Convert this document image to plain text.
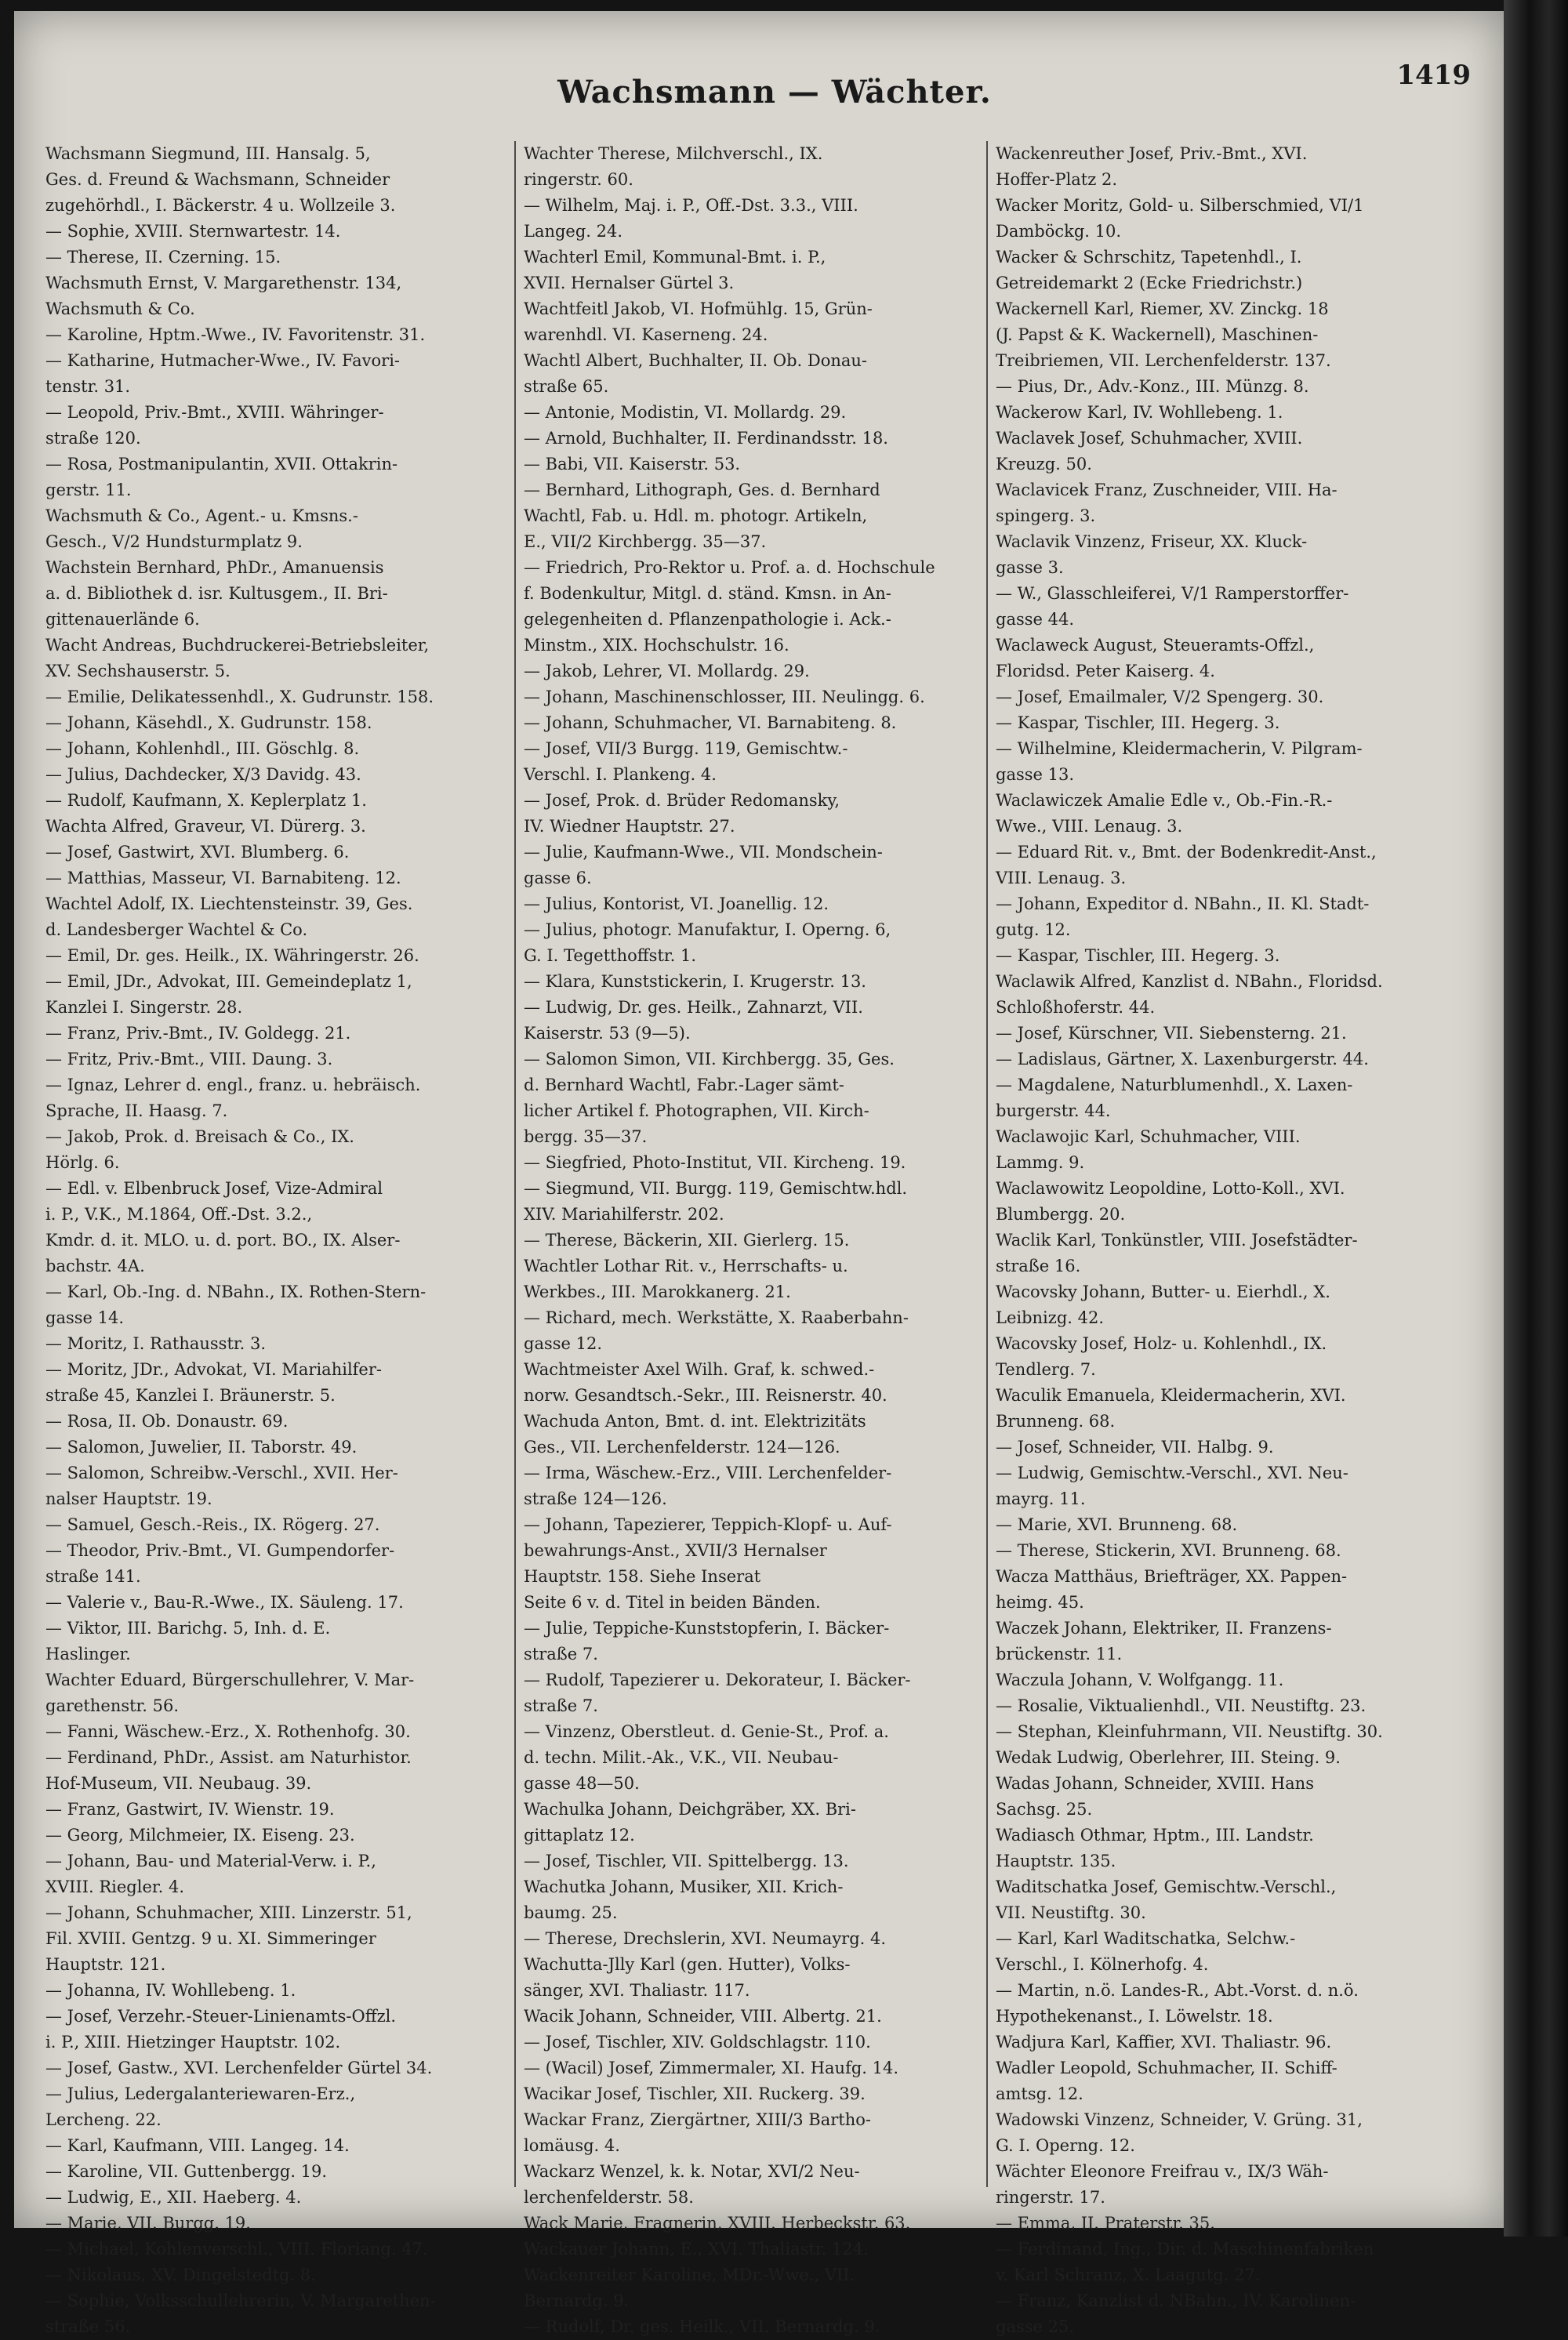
Wachsmann — Wächter.	1419
Wachsmann Siegmund, III. Hansalg. 5,
Ges. d. Freund & Wachsmann, Schneider
zugehörhdl., I. Bäckerstr. 4 u. Wollzeile 3.
— Sophie, XVIII. Sternwartestr. 14.
— Therese, II. Czerning. 15.
Wachsmuth Ernst, V. Margarethenstr. 134,
Wachsmuth & Co.
— Karoline, Hptm.-Wwe., IV. Favoritenstr. 31.
— Katharine, Hutmacher-Wwe., IV. Favori-
tenstr. 31.
— Leopold, Priv.-Bmt., XVIII. Währinger-
straße 120.
— Rosa, Postmanipulantin, XVII. Ottakrin-
gerstr. 11.
Wachsmuth & Co., Agent.- u. Kmsns.-
Gesch., V/2 Hundsturmplatz 9.
Wachstein Bernhard, PhDr., Amanuensis
a. d. Bibliothek d. isr. Kultusgem., II. Bri-
gittenauerlände 6.
Wacht Andreas, Buchdruckerei-Betriebsleiter,
XV. Sechshauserstr. 5.
— Emilie, Delikatessenhdl., X. Gudrunstr. 158.
— Johann, Käsehdl., X. Gudrunstr. 158.
— Johann, Kohlenhdl., III. Göschlg. 8.
— Julius, Dachdecker, X/3 Davidg. 43.
— Rudolf, Kaufmann, X. Keplerplatz 1.
Wachta Alfred, Graveur, VI. Dürerg. 3.
— Josef, Gastwirt, XVI. Blumberg. 6.
— Matthias, Masseur, VI. Barnabiteng. 12.
Wachtel Adolf, IX. Liechtensteinstr. 39, Ges.
d. Landesberger Wachtel & Co.
— Emil, Dr. ges. Heilk., IX. Währingerstr. 26.
— Emil, JDr., Advokat, III. Gemeindeplatz 1,
Kanzlei I. Singerstr. 28.
— Franz, Priv.-Bmt., IV. Goldegg. 21.
— Fritz, Priv.-Bmt., VIII. Daung. 3.
— Ignaz, Lehrer d. engl., franz. u. hebräisch.
Sprache, II. Haasg. 7.
— Jakob, Prok. d. Breisach & Co., IX.
Hörlg. 6.
— Edl. v. Elbenbruck Josef, Vize-Admiral
i. P., V.K., M.1864, Off.-Dst. 3.2.,
Kmdr. d. it. MLO. u. d. port. BO., IX. Alser-
bachstr. 4A.
— Karl, Ob.-Ing. d. NBahn., IX. Rothen-Stern-
gasse 14.
— Moritz, I. Rathausstr. 3.
— Moritz, JDr., Advokat, VI. Mariahilfer-
straße 45, Kanzlei I. Bräunerstr. 5.
— Rosa, II. Ob. Donaustr. 69.
— Salomon, Juwelier, II. Taborstr. 49.
— Salomon, Schreibw.-Verschl., XVII. Her-
nalser Hauptstr. 19.
— Samuel, Gesch.-Reis., IX. Rögerg. 27.
— Theodor, Priv.-Bmt., VI. Gumpendorfer-
straße 141.
— Valerie v., Bau-R.-Wwe., IX. Säuleng. 17.
— Viktor, III. Barichg. 5, Inh. d. E.
Haslinger.
Wachter Eduard, Bürgerschullehrer, V. Mar-
garethenstr. 56.
— Fanni, Wäschew.-Erz., X. Rothenhofg. 30.
— Ferdinand, PhDr., Assist. am Naturhistor.
Hof-Museum, VII. Neubaug. 39.
— Franz, Gastwirt, IV. Wienstr. 19.
— Georg, Milchmeier, IX. Eiseng. 23.
— Johann, Bau- und Material-Verw. i. P.,
XVIII. Riegler. 4.
— Johann, Schuhmacher, XIII. Linzerstr. 51,
Fil. XVIII. Gentzg. 9 u. XI. Simmeringer
Hauptstr. 121.
— Johanna, IV. Wohllebeng. 1.
— Josef, Verzehr.-Steuer-Linienamts-Offzl.
i. P., XIII. Hietzinger Hauptstr. 102.
— Josef, Gastw., XVI. Lerchenfelder Gürtel 34.
— Julius, Ledergalanteriewaren-Erz.,
Lercheng. 22.
— Karl, Kaufmann, VIII. Langeg. 14.
— Karoline, VII. Guttenbergg. 19.
— Ludwig, E., XII. Haeberg. 4.
— Marie, VII. Burgg. 19.
— Michael, Kohlenverschl., VIII. Floriang. 47.
— Nikolaus, XV. Dingelstedtg. 8.
— Sophie, Volksschullehrerin, V. Margarethen-
straße 56.
Wachter Therese, Milchverschl., IX.
ringerstr. 60.
— Wilhelm, Maj. i. P., Off.-Dst. 3.3., VIII.
Langeg. 24.
Wachterl Emil, Kommunal-Bmt. i. P.,
XVII. Hernalser Gürtel 3.
Wachtfeitl Jakob, VI. Hofmühlg. 15, Grün-
warenhdl. VI. Kaserneng. 24.
Wachtl Albert, Buchhalter, II. Ob. Donau-
straße 65.
— Antonie, Modistin, VI. Mollardg. 29.
— Arnold, Buchhalter, II. Ferdinandsstr. 18.
— Babi, VII. Kaiserstr. 53.
— Bernhard, Lithograph, Ges. d. Bernhard
Wachtl, Fab. u. Hdl. m. photogr. Artikeln,
E., VII/2 Kirchbergg. 35—37.
— Friedrich, Pro-Rektor u. Prof. a. d. Hochschule
f. Bodenkultur, Mitgl. d. ständ. Kmsn. in An-
gelegenheiten d. Pflanzenpathologie i. Ack.-
Minstm., XIX. Hochschulstr. 16.
— Jakob, Lehrer, VI. Mollardg. 29.
— Johann, Maschinenschlosser, III. Neulingg. 6.
— Johann, Schuhmacher, VI. Barnabiteng. 8.
— Josef, VII/3 Burgg. 119, Gemischtw.-
Verschl. I. Plankeng. 4.
— Josef, Prok. d. Brüder Redomansky,
IV. Wiedner Hauptstr. 27.
— Julie, Kaufmann-Wwe., VII. Mondschein-
gasse 6.
— Julius, Kontorist, VI. Joanellig. 12.
— Julius, photogr. Manufaktur, I. Operng. 6,
G. I. Tegetthoffstr. 1.
— Klara, Kunststickerin, I. Krugerstr. 13.
— Ludwig, Dr. ges. Heilk., Zahnarzt, VII.
Kaiserstr. 53 (9—5).
— Salomon Simon, VII. Kirchbergg. 35, Ges.
d. Bernhard Wachtl, Fabr.-Lager sämt-
licher Artikel f. Photographen, VII. Kirch-
bergg. 35—37.
— Siegfried, Photo-Institut, VII. Kircheng. 19.
— Siegmund, VII. Burgg. 119, Gemischtw.hdl.
XIV. Mariahilferstr. 202.
— Therese, Bäckerin, XII. Gierlerg. 15.
Wachtler Lothar Rit. v., Herrschafts- u.
Werkbes., III. Marokkanerg. 21.
— Richard, mech. Werkstätte, X. Raaberbahn-
gasse 12.
Wachtmeister Axel Wilh. Graf, k. schwed.-
norw. Gesandtsch.-Sekr., III. Reisnerstr. 40.
Wachuda Anton, Bmt. d. int. Elektrizitäts
Ges., VII. Lerchenfelderstr. 124—126.
— Irma, Wäschew.-Erz., VIII. Lerchenfelder-
straße 124—126.
— Johann, Tapezierer, Teppich-Klopf- u. Auf-
bewahrungs-Anst., XVII/3 Hernalser
Hauptstr. 158. Siehe Inserat
Seite 6 v. d. Titel in beiden Bänden.
— Julie, Teppiche-Kunststopferin, I. Bäcker-
straße 7.
— Rudolf, Tapezierer u. Dekorateur, I. Bäcker-
straße 7.
— Vinzenz, Oberstleut. d. Genie-St., Prof. a.
d. techn. Milit.-Ak., V.K., VII. Neubau-
gasse 48—50.
Wachulka Johann, Deichgräber, XX. Bri-
gittaplatz 12.
— Josef, Tischler, VII. Spittelbergg. 13.
Wachutka Johann, Musiker, XII. Krich-
baumg. 25.
— Therese, Drechslerin, XVI. Neumayrg. 4.
Wachutta-Jlly Karl (gen. Hutter), Volks-
sänger, XVI. Thaliastr. 117.
Wacik Johann, Schneider, VIII. Albertg. 21.
— Josef, Tischler, XIV. Goldschlagstr. 110.
— (Wacil) Josef, Zimmermaler, XI. Haufg. 14.
Wacikar Josef, Tischler, XII. Ruckerg. 39.
Wackar Franz, Ziergärtner, XIII/3 Bartho-
lomäusg. 4.
Wackarz Wenzel, k. k. Notar, XVI/2 Neu-
lerchenfelderstr. 58.
Wack Marie, Fragnerin, XVIII. Herbeckstr. 63.
Wackauer Johann, E., XVI. Thaliastr. 124.
Wackenreiter Karoline, MDr.-Wwe., VII.
Bernardg. 9.
— Rudolf, Dr. ges. Heilk., VII. Bernardg. 9.
Wackenreuther Josef, Priv.-Bmt., XVI.
Hoffer-Platz 2.
Wacker Moritz, Gold- u. Silberschmied, VI/1
Damböckg. 10.
Wacker & Schrschitz, Tapetenhdl., I.
Getreidemarkt 2 (Ecke Friedrichstr.)
Wackernell Karl, Riemer, XV. Zinckg. 18
(J. Papst & K. Wackernell), Maschinen-
Treibriemen, VII. Lerchenfelderstr. 137.
— Pius, Dr., Adv.-Konz., III. Münzg. 8.
Wackerow Karl, IV. Wohllebeng. 1.
Waclavek Josef, Schuhmacher, XVIII.
Kreuzg. 50.
Waclavicek Franz, Zuschneider, VIII. Ha-
spingerg. 3.
Waclavik Vinzenz, Friseur, XX. Kluck-
gasse 3.
— W., Glasschleiferei, V/1 Ramperstorffer-
gasse 44.
Waclaweck August, Steueramts-Offzl.,
Floridsd. Peter Kaiserg. 4.
— Josef, Emailmaler, V/2 Spengerg. 30.
— Kaspar, Tischler, III. Hegerg. 3.
— Wilhelmine, Kleidermacherin, V. Pilgram-
gasse 13.
Waclawiczek Amalie Edle v., Ob.-Fin.-R.-
Wwe., VIII. Lenaug. 3.
— Eduard Rit. v., Bmt. der Bodenkredit-Anst.,
VIII. Lenaug. 3.
— Johann, Expeditor d. NBahn., II. Kl. Stadt-
gutg. 12.
— Kaspar, Tischler, III. Hegerg. 3.
Waclawik Alfred, Kanzlist d. NBahn., Floridsd.
Schloßhoferstr. 44.
— Josef, Kürschner, VII. Siebensterng. 21.
— Ladislaus, Gärtner, X. Laxenburgerstr. 44.
— Magdalene, Naturblumenhdl., X. Laxen-
burgerstr. 44.
Waclawojic Karl, Schuhmacher, VIII.
Lammg. 9.
Waclawowitz Leopoldine, Lotto-Koll., XVI.
Blumbergg. 20.
Waclik Karl, Tonkünstler, VIII. Josefstädter-
straße 16.
Wacovsky Johann, Butter- u. Eierhdl., X.
Leibnizg. 42.
Wacovsky Josef, Holz- u. Kohlenhdl., IX.
Tendlerg. 7.
Waculik Emanuela, Kleidermacherin, XVI.
Brunneng. 68.
— Josef, Schneider, VII. Halbg. 9.
— Ludwig, Gemischtw.-Verschl., XVI. Neu-
mayrg. 11.
— Marie, XVI. Brunneng. 68.
— Therese, Stickerin, XVI. Brunneng. 68.
Wacza Matthäus, Briefträger, XX. Pappen-
heimg. 45.
Waczek Johann, Elektriker, II. Franzens-
brückenstr. 11.
Waczula Johann, V. Wolfgangg. 11.
— Rosalie, Viktualienhdl., VII. Neustiftg. 23.
— Stephan, Kleinfuhrmann, VII. Neustiftg. 30.
Wedak Ludwig, Oberlehrer, III. Steing. 9.
Wadas Johann, Schneider, XVIII. Hans
Sachsg. 25.
Wadiasch Othmar, Hptm., III. Landstr.
Hauptstr. 135.
Waditschatka Josef, Gemischtw.-Verschl.,
VII. Neustiftg. 30.
— Karl, Karl Waditschatka, Selchw.-
Verschl., I. Kölnerhofg. 4.
— Martin, n.ö. Landes-R., Abt.-Vorst. d. n.ö.
Hypothekenanst., I. Löwelstr. 18.
Wadjura Karl, Kaffier, XVI. Thaliastr. 96.
Wadler Leopold, Schuhmacher, II. Schiff-
amtsg. 12.
Wadowski Vinzenz, Schneider, V. Grüng. 31,
G. I. Operng. 12.
Wächter Eleonore Freifrau v., IX/3 Wäh-
ringerstr. 17.
— Emma, II. Praterstr. 35.
— Ferdinand, Ing., Dir. d. Maschinenfabriken
v. Karl Schranz, X. Laagutg. 27.
— Franz, Kanzlist d. NBahn., IV. Karolinen-
gasse 25.
